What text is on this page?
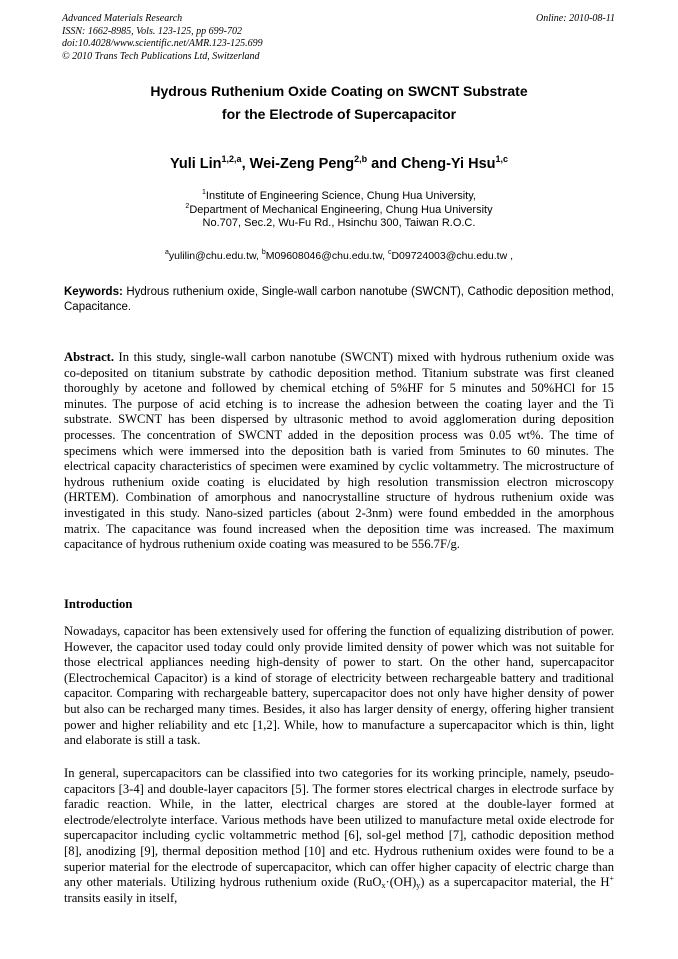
Advanced Materials Research
ISSN: 1662-8985, Vols. 123-125, pp 699-702
doi:10.4028/www.scientific.net/AMR.123-125.699
© 2010 Trans Tech Publications Ltd, Switzerland
Online: 2010-08-11
Hydrous Ruthenium Oxide Coating on SWCNT Substrate
for the Electrode of Supercapacitor
Yuli Lin$^{1,2,a}$, Wei-Zeng Peng$^{2,b}$ and Cheng-Yi Hsu$^{1,c}$
$^1$Institute of Engineering Science, Chung Hua University,
$^2$Department of Mechanical Engineering, Chung Hua University
No.707, Sec.2, Wu-Fu Rd., Hsinchu 300, Taiwan R.O.C.
$^a$yulilin@chu.edu.tw, $^b$M09608046@chu.edu.tw, $^c$D09724003@chu.edu.tw ,
Keywords: Hydrous ruthenium oxide, Single-wall carbon nanotube (SWCNT), Cathodic deposition method, Capacitance.
Abstract. In this study, single-wall carbon nanotube (SWCNT) mixed with hydrous ruthenium oxide was co-deposited on titanium substrate by cathodic deposition method. Titanium substrate was first cleaned thoroughly by acetone and followed by chemical etching of 5%HF for 5 minutes and 50%HCl for 15 minutes. The purpose of acid etching is to increase the adhesion between the coating layer and the Ti substrate. SWCNT has been dispersed by ultrasonic method to avoid agglomeration during deposition processes. The concentration of SWCNT added in the deposition process was 0.05 wt%. The time of specimens which were immersed into the deposition bath is varied from 5minutes to 60 minutes. The electrical capacity characteristics of specimen were examined by cyclic voltammetry. The microstructure of hydrous ruthenium oxide coating is elucidated by high resolution transmission electron microscopy (HRTEM). Combination of amorphous and nanocrystalline structure of hydrous ruthenium oxide was investigated in this study. Nano-sized particles (about 2-3nm) were found embedded in the amorphous matrix. The capacitance was found increased when the deposition time was increased. The maximum capacitance of hydrous ruthenium oxide coating was measured to be 556.7F/g.
Introduction
Nowadays, capacitor has been extensively used for offering the function of equalizing distribution of power. However, the capacitor used today could only provide limited density of power which was not suitable for those electrical appliances needing high-density of power to start. On the other hand, supercapacitor (Electrochemical Capacitor) is a kind of storage of electricity between rechargeable battery and traditional capacitor. Comparing with rechargeable battery, supercapacitor does not only have higher density of power but also can be recharged many times. Besides, it also has larger density of energy, offering higher transient power and higher reliability and etc [1,2]. While, how to manufacture a supercapacitor which is thin, light and elaborate is still a task.
In general, supercapacitors can be classified into two categories for its working principle, namely, pseudo-capacitors [3-4] and double-layer capacitors [5]. The former stores electrical charges in electrode surface by faradic reaction. While, in the latter, electrical charges are stored at the double-layer formed at electrode/electrolyte interface. Various methods have been utilized to manufacture metal oxide electrode for supercapacitor including cyclic voltammetric method [6], sol-gel method [7], cathodic deposition method [8], anodizing [9], thermal deposition method [10] and etc. Hydrous ruthenium oxides were found to be a superior material for the electrode of supercapacitor, which can offer higher capacity of electric charge than any other materials. Utilizing hydrous ruthenium oxide $(RuO_x\cdot(OH)_y)$ as a supercapacitor material, the H+ transits easily in itself,
